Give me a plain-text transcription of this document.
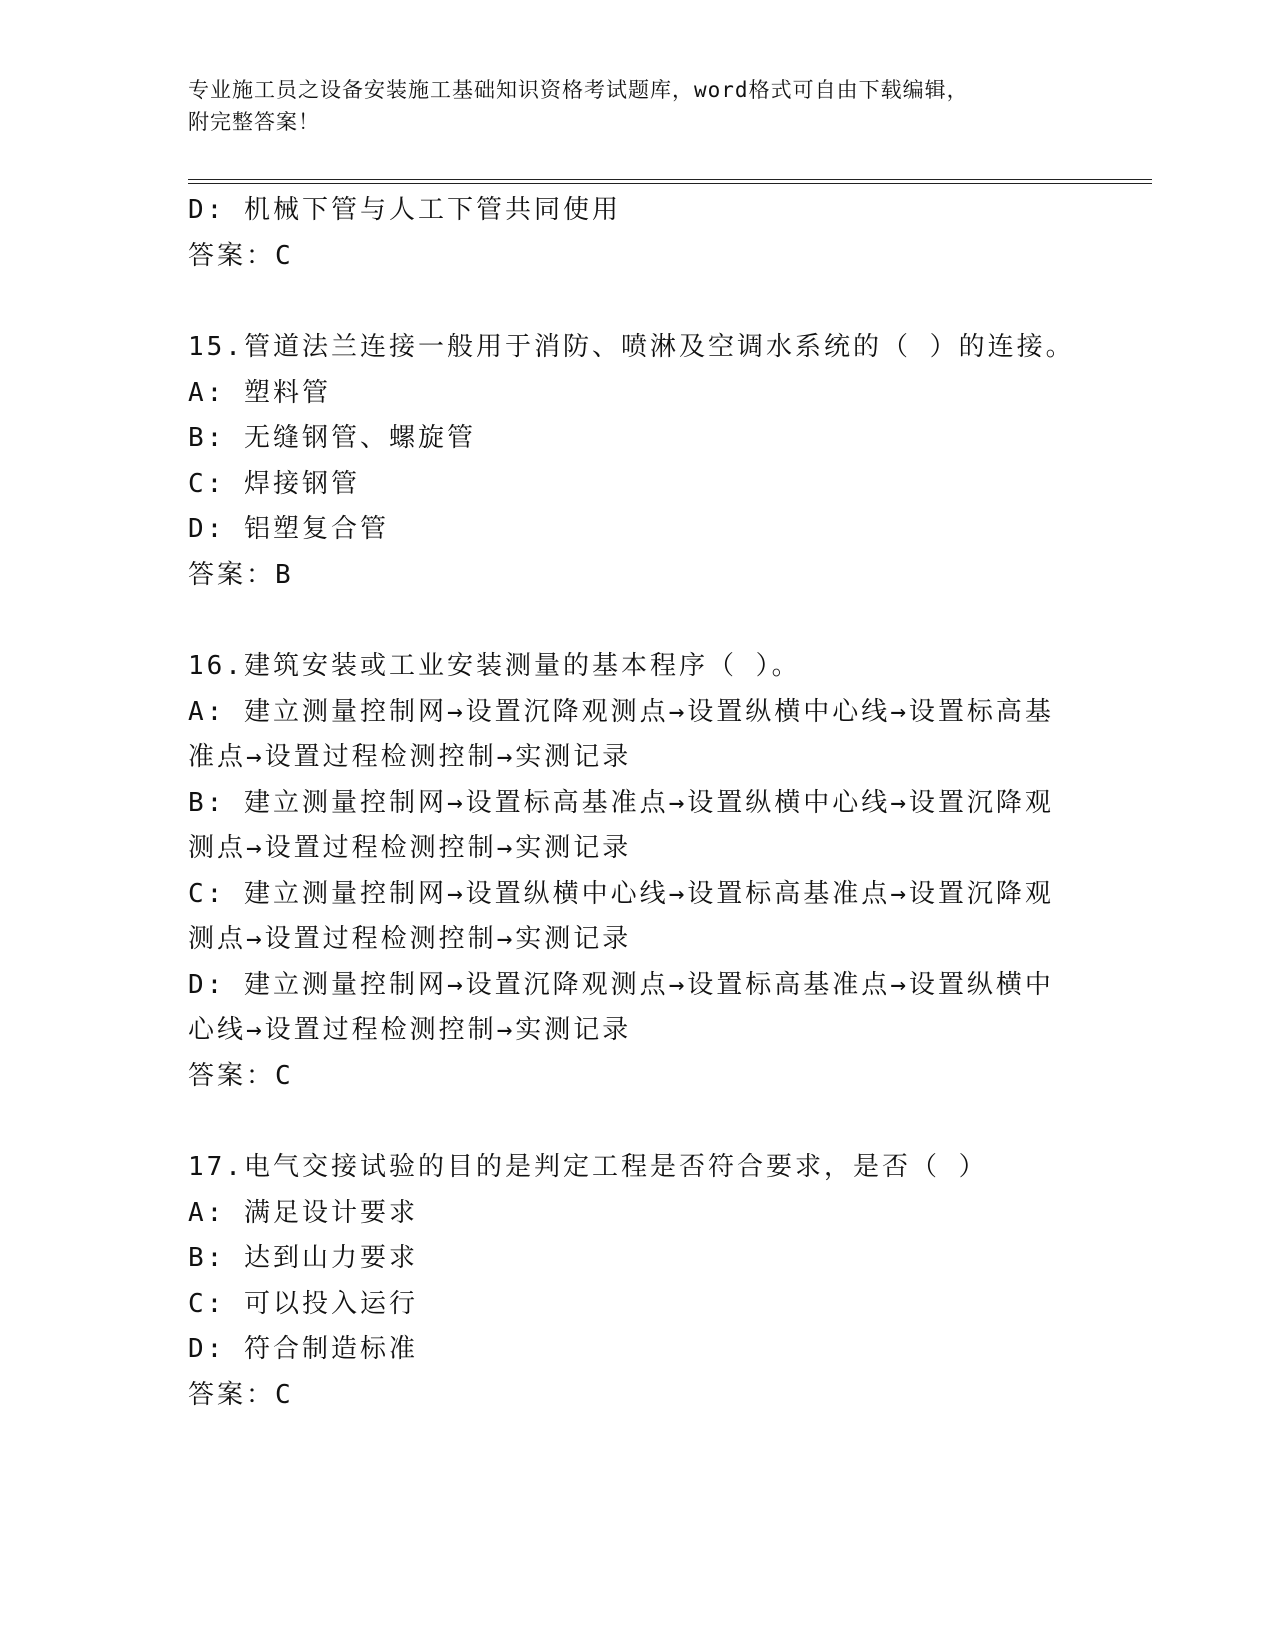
专业施工员之设备安装施工基础知识资格考试题库，word格式可自由下载编辑，
附完整答案！
D: 机械下管与人工下管共同使用
答案：C
15.管道法兰连接一般用于消防、喷淋及空调水系统的（ ）的连接。
A: 塑料管
B: 无缝钢管、螺旋管
C: 焊接钢管
D: 铝塑复合管
答案：B
16.建筑安装或工业安装测量的基本程序（ ）。
A: 建立测量控制网→设置沉降观测点→设置纵横中心线→设置标高基
准点→设置过程检测控制→实测记录
B: 建立测量控制网→设置标高基准点→设置纵横中心线→设置沉降观
测点→设置过程检测控制→实测记录
C: 建立测量控制网→设置纵横中心线→设置标高基准点→设置沉降观
测点→设置过程检测控制→实测记录
D: 建立测量控制网→设置沉降观测点→设置标高基准点→设置纵横中
心线→设置过程检测控制→实测记录
答案：C
17.电气交接试验的目的是判定工程是否符合要求，是否（ ）
A: 满足设计要求
B: 达到山力要求
C: 可以投入运行
D: 符合制造标准
答案：C
